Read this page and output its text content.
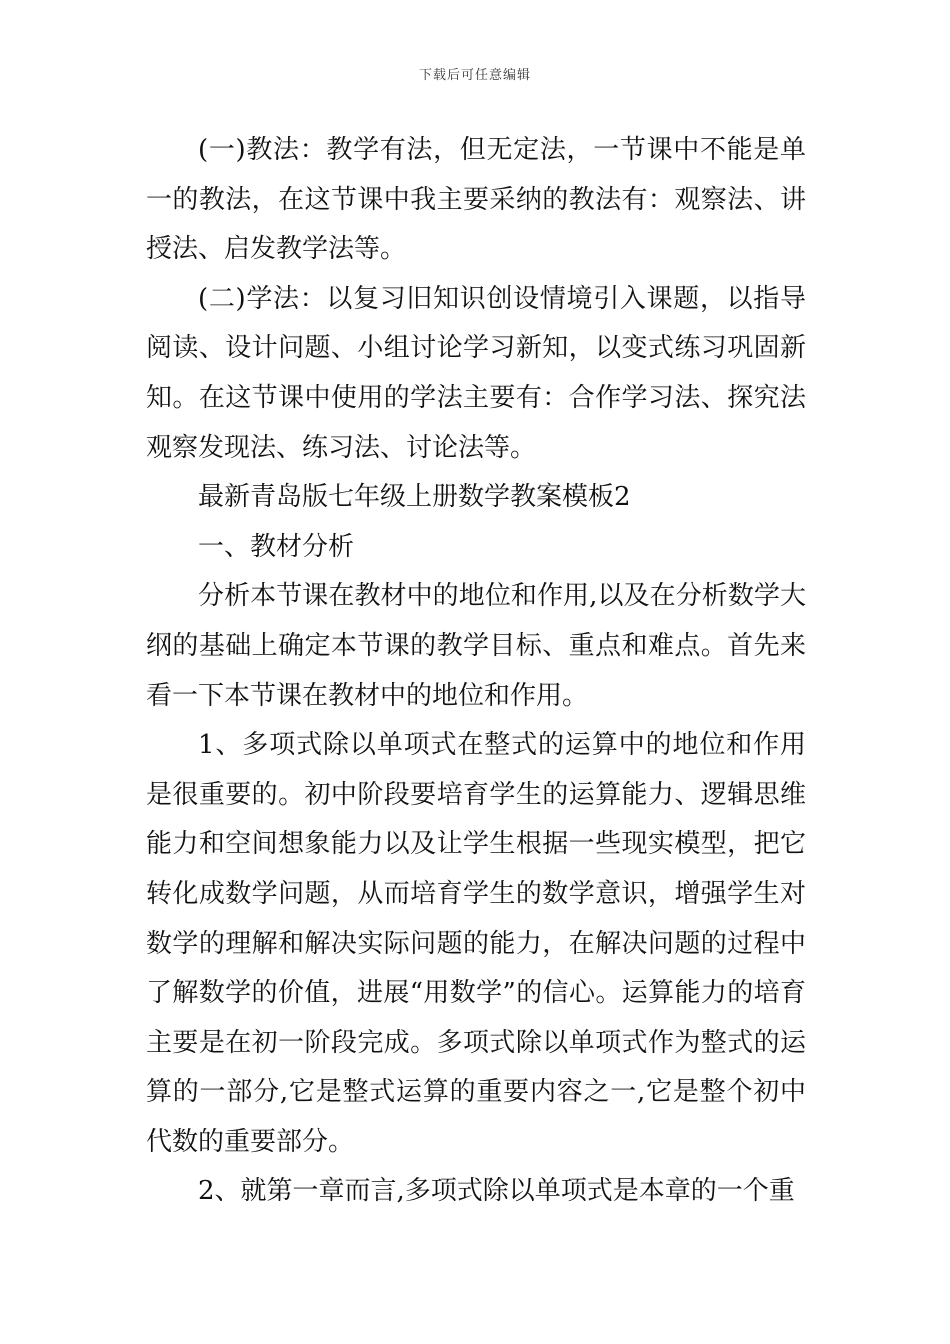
下载后可任意编辑

(一)教法：教学有法，但无定法，一节课中不能是单一的教法，在这节课中我主要采纳的教法有：观察法、讲授法、启发教学法等。

(二)学法：以复习旧知识创设情境引入课题，以指导阅读、设计问题、小组讨论学习新知，以变式练习巩固新知。在这节课中使用的学法主要有：合作学习法、探究法观察发现法、练习法、讨论法等。

最新青岛版七年级上册数学教案模板2

一、教材分析

分析本节课在教材中的地位和作用,以及在分析数学大纲的基础上确定本节课的教学目标、重点和难点。首先来看一下本节课在教材中的地位和作用。

1、多项式除以单项式在整式的运算中的地位和作用是很重要的。初中阶段要培育学生的运算能力、逻辑思维能力和空间想象能力以及让学生根据一些现实模型，把它转化成数学问题，从而培育学生的数学意识，增强学生对数学的理解和解决实际问题的能力，在解决问题的过程中了解数学的价值，进展“用数学”的信心。运算能力的培育主要是在初一阶段完成。多项式除以单项式作为整式的运算的一部分,它是整式运算的重要内容之一,它是整个初中代数的重要部分。

2、就第一章而言,多项式除以单项式是本章的一个重
